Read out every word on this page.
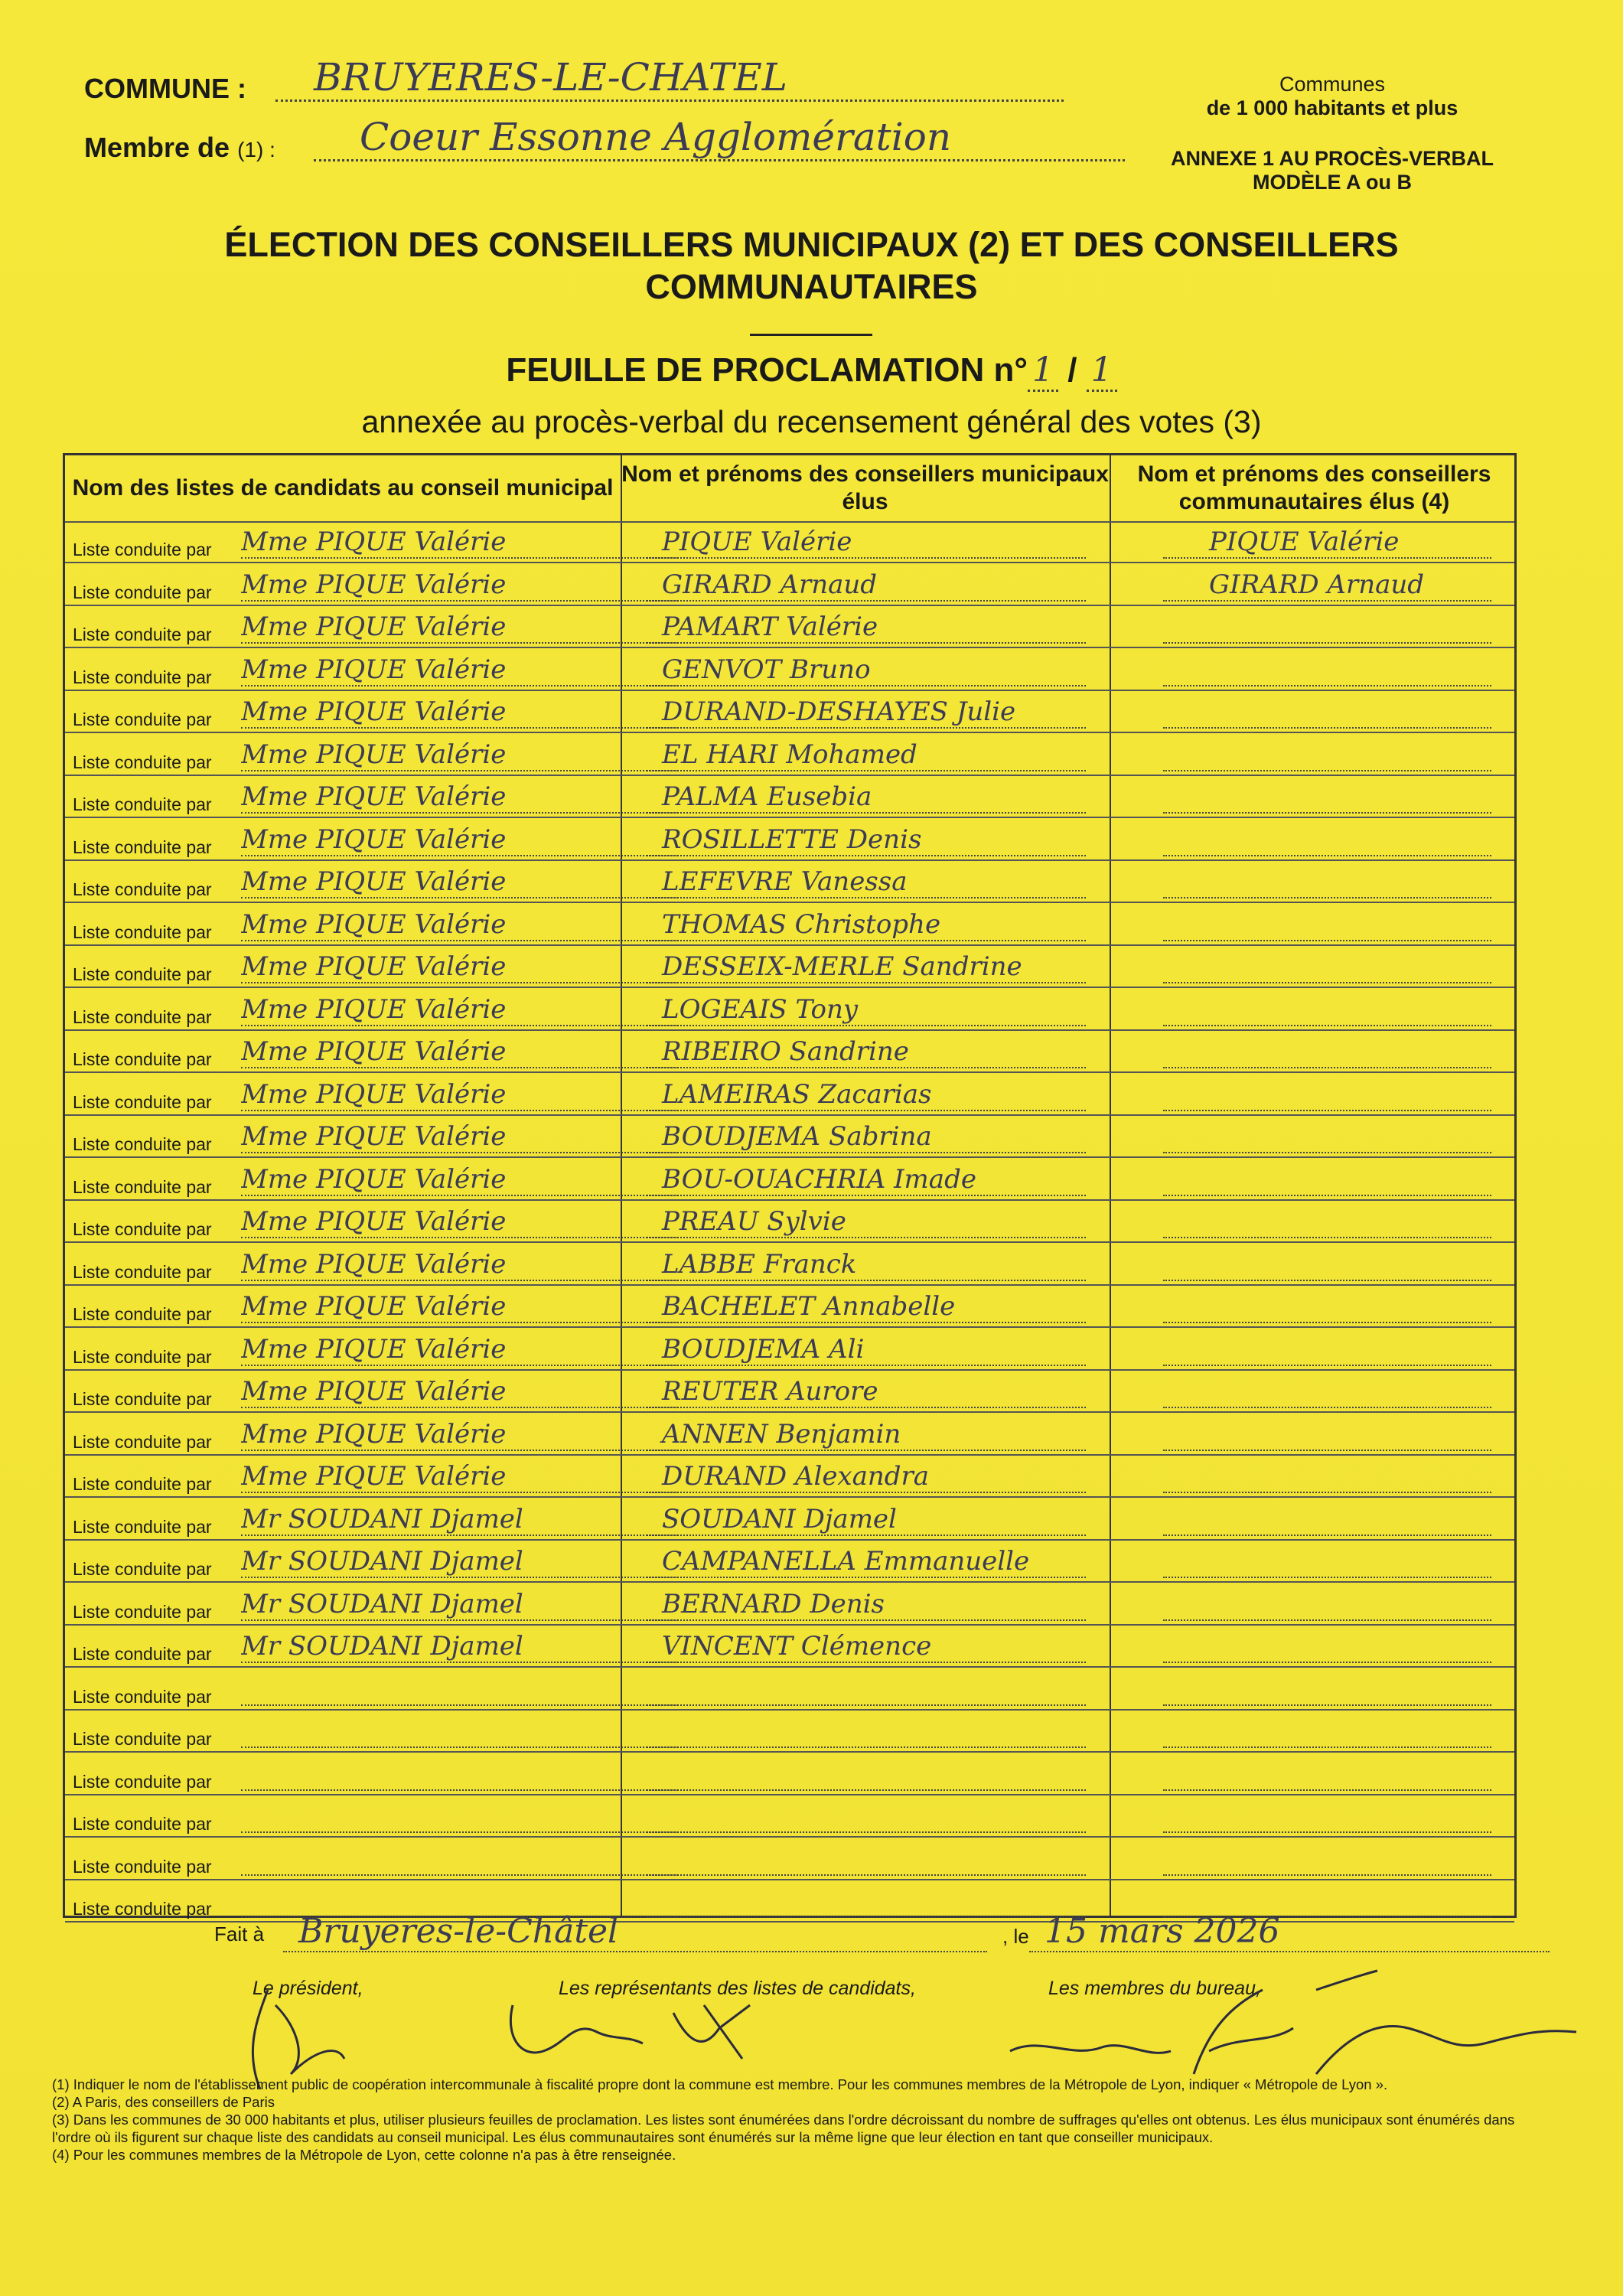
COMMUNE :	BRUYERES-LE-CHATEL
Membre de (1) :	Coeur Essonne Agglomération
Communes
de 1 000 habitants et plus
ANNEXE 1 AU PROCÈS-VERBAL
MODÈLE A ou B
ÉLECTION DES CONSEILLERS MUNICIPAUX (2) ET DES CONSEILLERS
COMMUNAUTAIRES
FEUILLE DE PROCLAMATION n° 1 / 1
annexée au procès-verbal du recensement général des votes (3)
Nom des listes de candidats au conseil municipal
Nom et prénoms des conseillers municipaux élus
Nom et prénoms des conseillers communautaires élus (4)
Liste conduite par Mme PIQUE Valérie	PIQUE Valérie	PIQUE Valérie
Liste conduite par Mme PIQUE Valérie	GIRARD Arnaud	GIRARD Arnaud
Liste conduite par Mme PIQUE Valérie	PAMART Valérie
Liste conduite par Mme PIQUE Valérie	GENVOT Bruno
Liste conduite par Mme PIQUE Valérie	DURAND-DESHAYES Julie
Liste conduite par Mme PIQUE Valérie	EL HARI Mohamed
Liste conduite par Mme PIQUE Valérie	PALMA Eusebia
Liste conduite par Mme PIQUE Valérie	ROSILLETTE Denis
Liste conduite par Mme PIQUE Valérie	LEFEVRE Vanessa
Liste conduite par Mme PIQUE Valérie	THOMAS Christophe
Liste conduite par Mme PIQUE Valérie	DESSEIX-MERLE Sandrine
Liste conduite par Mme PIQUE Valérie	LOGEAIS Tony
Liste conduite par Mme PIQUE Valérie	RIBEIRO Sandrine
Liste conduite par Mme PIQUE Valérie	LAMEIRAS Zacarias
Liste conduite par Mme PIQUE Valérie	BOUDJEMA Sabrina
Liste conduite par Mme PIQUE Valérie	BOU-OUACHRIA Imade
Liste conduite par Mme PIQUE Valérie	PREAU Sylvie
Liste conduite par Mme PIQUE Valérie	LABBE Franck
Liste conduite par Mme PIQUE Valérie	BACHELET Annabelle
Liste conduite par Mme PIQUE Valérie	BOUDJEMA Ali
Liste conduite par Mme PIQUE Valérie	REUTER Aurore
Liste conduite par Mme PIQUE Valérie	ANNEN Benjamin
Liste conduite par Mme PIQUE Valérie	DURAND Alexandra
Liste conduite par Mr SOUDANI Djamel	SOUDANI Djamel
Liste conduite par Mr SOUDANI Djamel	CAMPANELLA Emmanuelle
Liste conduite par Mr SOUDANI Djamel	BERNARD Denis
Liste conduite par Mr SOUDANI Djamel	VINCENT Clémence
Liste conduite par
Liste conduite par
Liste conduite par
Liste conduite par
Liste conduite par
Liste conduite par
Fait à	Bruyeres-le-Châtel	, le 15 mars 2026
Le président,	Les représentants des listes de candidats,	Les membres du bureau,

(1) Indiquer le nom de l'établissement public de coopération intercommunale à fiscalité propre dont la commune est membre. Pour les communes membres de la Métropole de Lyon, indiquer « Métropole de Lyon ».

(2) A Paris, des conseillers de Paris

(3) Dans les communes de 30 000 habitants et plus, utiliser plusieurs feuilles de proclamation. Les listes sont énumérées dans l'ordre décroissant du nombre de suffrages qu'elles ont obtenus. Les élus municipaux sont énumérés dans l'ordre où ils figurent sur chaque liste des candidats au conseil municipal. Les élus communautaires sont énumérés sur la même ligne que leur élection en tant que conseiller municipaux.

(4) Pour les communes membres de la Métropole de Lyon, cette colonne n'a pas à être renseignée.
